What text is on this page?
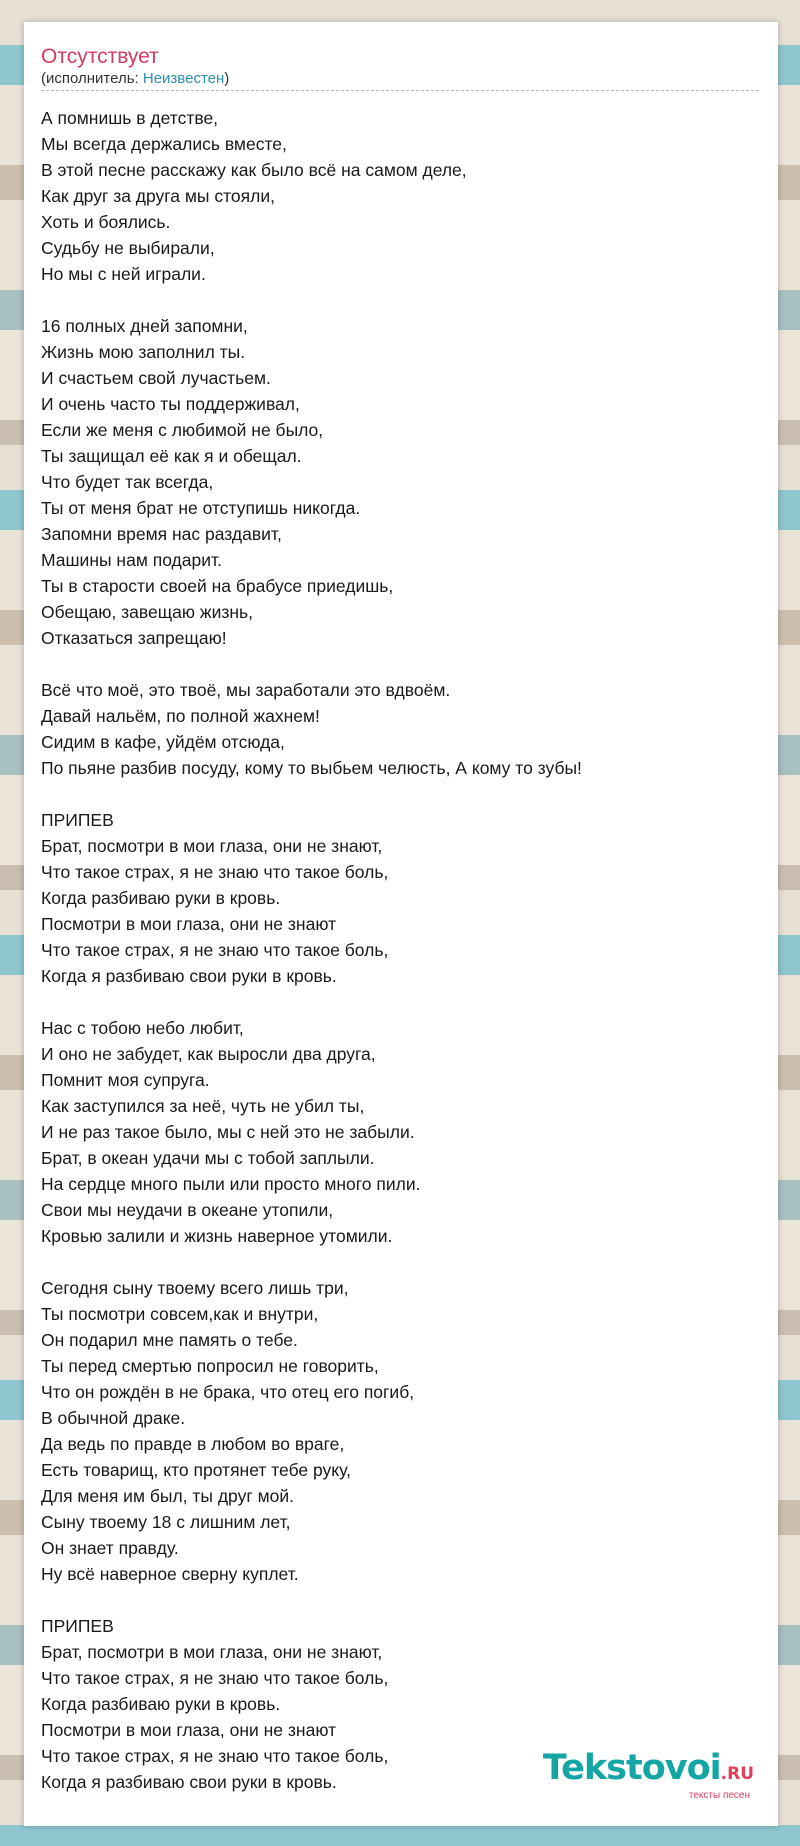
Отсутствует
(исполнитель: Неизвестен)
А помнишь в детстве,
Мы всегда держались вместе,
В этой песне расскажу как было всё на самом деле,
Как друг за друга мы стояли,
Хоть и боялись.
Судьбу не выбирали,
Но мы с ней играли.
16 полных дней запомни,
Жизнь мою заполнил ты.
И счастьем свой лучастьем.
И очень часто ты поддерживал,
Если же меня с любимой не было,
Ты защищал её как я и обещал.
Что будет так всегда,
Ты от меня брат не отступишь никогда.
Запомни время нас раздавит,
Машины нам подарит.
Ты в старости своей на брабусе приедишь,
Обещаю, завещаю жизнь,
Отказаться запрещаю!
Всё что моё, это твоё, мы заработали это вдвоём.
Давай нальём, по полной жахнем!
Сидим в кафе, уйдём отсюда,
По пьяне разбив посуду, кому то выбьем челюсть, А кому то зубы!
ПРИПЕВ
Брат, посмотри в мои глаза, они не знают,
Что такое страх, я не знаю что такое боль,
Когда разбиваю руки в кровь.
Посмотри в мои глаза, они не знают
Что такое страх, я не знаю что такое боль,
Когда я разбиваю свои руки в кровь.
Нас с тобою небо любит,
И оно не забудет, как выросли два друга,
Помнит моя супруга.
Как заступился за неё, чуть не убил ты,
И не раз такое было, мы с ней это не забыли.
Брат, в океан удачи мы с тобой заплыли.
На сердце много пыли или просто много пили.
Свои мы неудачи в океане утопили,
Кровью залили и жизнь наверное утомили.
Сегодня сыну твоему всего лишь три,
Ты посмотри совсем,как и внутри,
Он подарил мне память о тебе.
Ты перед смертью попросил не говорить,
Что он рождён в не брака, что отец его погиб,
В обычной драке.
Да ведь по правде в любом во враге,
Есть товарищ, кто протянет тебе руку,
Для меня им был, ты друг мой.
Сыну твоему 18 с лишним лет,
Он знает правду.
Ну всё наверное сверну куплет.
ПРИПЕВ
Брат, посмотри в мои глаза, они не знают,
Что такое страх, я не знаю что такое боль,
Когда разбиваю руки в кровь.
Посмотри в мои глаза, они не знают
Что такое страх, я не знаю что такое боль,
Когда я разбиваю свои руки в кровь.	Tekstovoi.RU
тексты песен
